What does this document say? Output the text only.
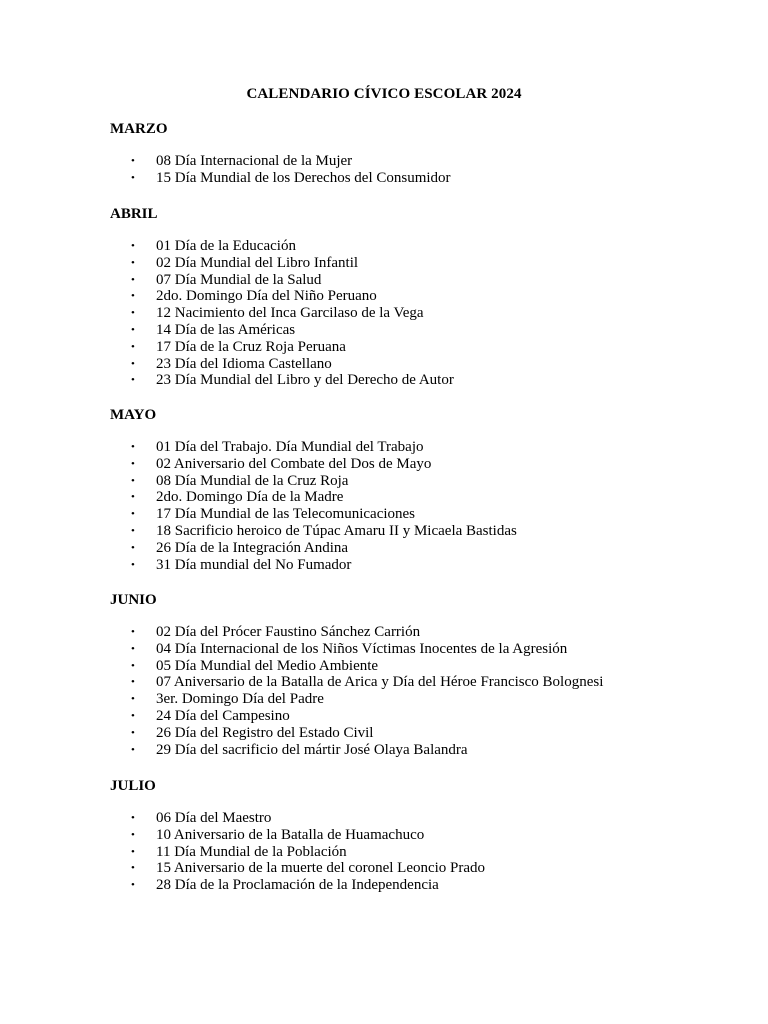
CALENDARIO CÍVICO ESCOLAR 2024
MARZO
• 08 Día Internacional de la Mujer
• 15 Día Mundial de los Derechos del Consumidor
ABRIL
• 01 Día de la Educación
• 02 Día Mundial del Libro Infantil
• 07 Día Mundial de la Salud
• 2do. Domingo Día del Niño Peruano
• 12 Nacimiento del Inca Garcilaso de la Vega
• 14 Día de las Américas
• 17 Día de la Cruz Roja Peruana
• 23 Día del Idioma Castellano
• 23 Día Mundial del Libro y del Derecho de Autor
MAYO
• 01 Día del Trabajo. Día Mundial del Trabajo
• 02 Aniversario del Combate del Dos de Mayo
• 08 Día Mundial de la Cruz Roja
• 2do. Domingo Día de la Madre
• 17 Día Mundial de las Telecomunicaciones
• 18 Sacrificio heroico de Túpac Amaru II y Micaela Bastidas
• 26 Día de la Integración Andina
• 31 Día mundial del No Fumador
JUNIO
• 02 Día del Prócer Faustino Sánchez Carrión
• 04 Día Internacional de los Niños Víctimas Inocentes de la Agresión
• 05 Día Mundial del Medio Ambiente
• 07 Aniversario de la Batalla de Arica y Día del Héroe Francisco Bolognesi
• 3er. Domingo Día del Padre
• 24 Día del Campesino
• 26 Día del Registro del Estado Civil
• 29 Día del sacrificio del mártir José Olaya Balandra
JULIO
• 06 Día del Maestro
• 10 Aniversario de la Batalla de Huamachuco
• 11 Día Mundial de la Población
• 15 Aniversario de la muerte del coronel Leoncio Prado
• 28 Día de la Proclamación de la Independencia
